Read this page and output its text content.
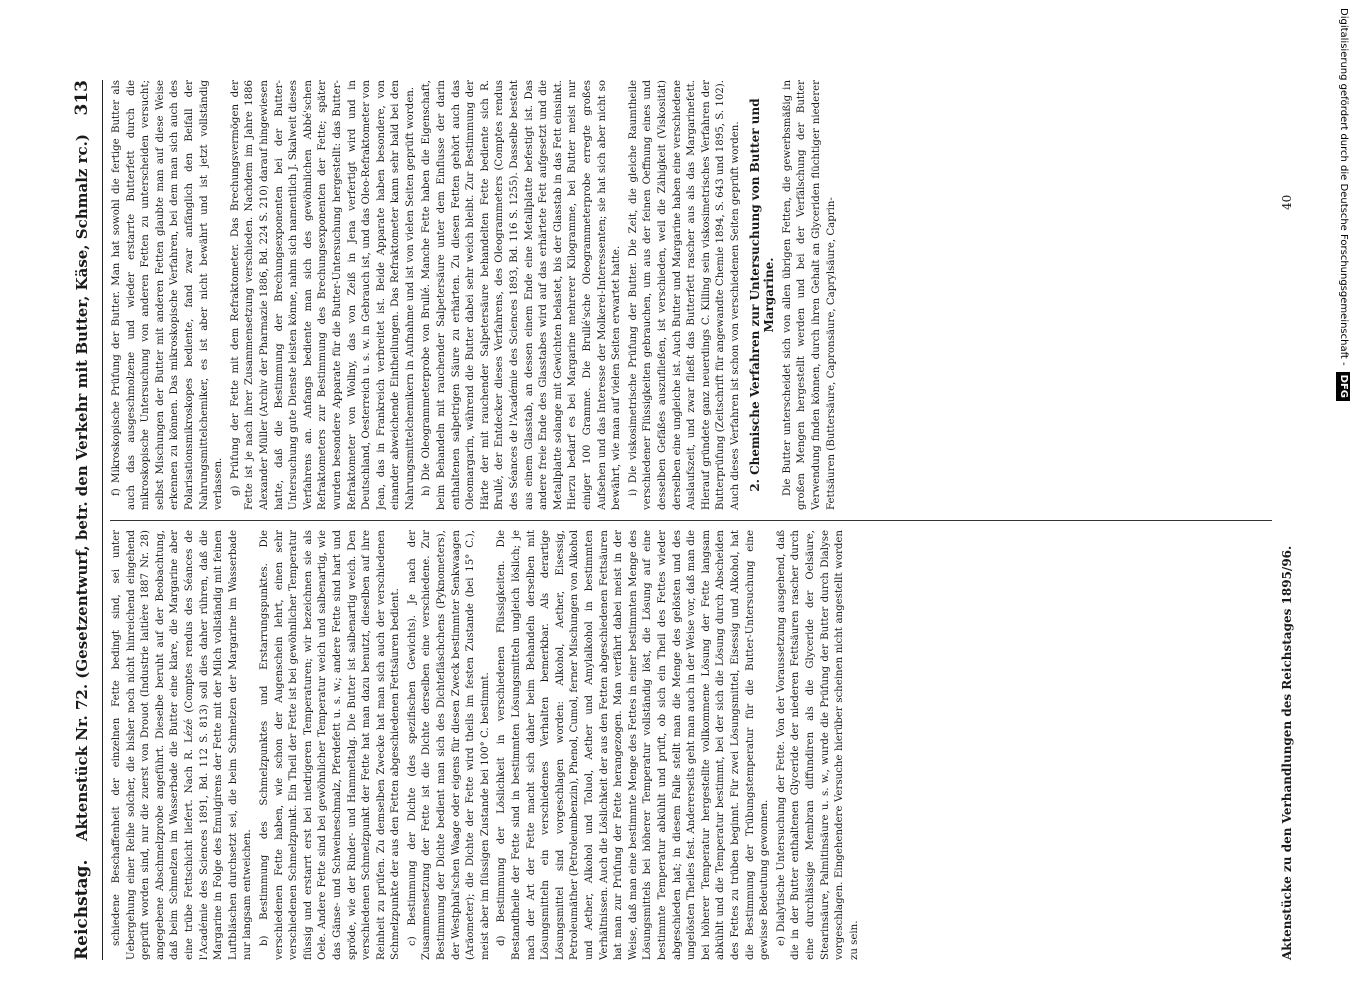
Reichstag.
Aktenstück Nr. 72. (Gesetzentwurf, betr. den Verkehr mit Butter, Käse, Schmalz rc.)
313

schiedene Beschaffenheit der einzelnen Fette bedingt sind, sei unter Uebergehung einer Reihe solcher, die bisher noch nicht hinreichend eingehend geprüft worden sind, nur die zuerst von Drouot (Industrie laitière 1887 Nr. 28) angegebene Abschmelzprobe angeführt. Dieselbe beruht auf der Beobachtung, daß beim Schmelzen im Wasserbade die Butter eine klare, die Margarine aber eine trübe Fettschicht liefert. Nach R. Lézé (Comptes rendus des Séances de l'Académie des Sciences 1891, Bd. 112 S. 813) soll dies daher rühren, daß die Margarine in Folge des Emulgirens der Fette mit der Milch vollständig mit feinen Luftbläschen durchsetzt sei, die beim Schmelzen der Margarine im Wasserbade nur langsam entweichen. b) Bestimmung des Schmelzpunktes und Erstarrungspunktes. Die verschiedenen Fette haben, wie schon der Augenschein lehrt, einen sehr verschiedenen Schmelzpunkt. Ein Theil der Fette ist bei gewöhnlicher Temperatur flüssig und erstarrt erst bei niedrigeren Temperaturen; wir bezeichnen sie als Oele. Andere Fette sind bei gewöhnlicher Temperatur weich und salbenartig, wie das Gänse- und Schweineschmalz, Pferdefett u. s. w.; andere Fette sind hart und spröde, wie der Rinder- und Hammeltalg. Die Butter ist salbenartig weich. Den verschiedenen Schmelzpunkt der Fette hat man dazu benutzt, dieselben auf ihre Reinheit zu prüfen. Zu demselben Zwecke hat man sich auch der verschiedenen Schmelzpunkte der aus den Fetten abgeschiedenen Fettsäuren bedient. c) Bestimmung der Dichte (des spezifischen Gewichts). Je nach der Zusammensetzung der Fette ist die Dichte derselben eine verschiedene. Zur Bestimmung der Dichte bedient man sich des Dichtefläschchens (Pyknometers), der Westphal'schen Waage oder eigens für diesen Zweck bestimmter Senkwaagen (Aräometer); die Dichte der Fette wird theils im festen Zustande (bei 15° C.), meist aber im flüssigen Zustande bei 100° C. bestimmt. d) Bestimmung der Löslichkeit in verschiedenen Flüssigkeiten. Die Bestandtheile der Fette sind in bestimmten Lösungsmitteln ungleich löslich; je nach der Art der Fette macht sich daher beim Behandeln derselben mit Lösungsmitteln ein verschiedenes Verhalten bemerkbar. Als derartige Lösungsmittel sind vorgeschlagen worden: Alkohol, Aether, Eisessig, Petroleumäther (Petroleumbenzin), Phenol, Cumol, ferner Mischungen von Alkohol und Aether, Alkohol und Toluol, Aether und Amylalkohol in bestimmten Verhältnissen. Auch die Löslichkeit der aus den Fetten abgeschiedenen Fettsäuren hat man zur Prüfung der Fette herangezogen. Man verfährt dabei meist in der Weise, daß man eine bestimmte Menge des Fettes in einer bestimmten Menge des Lösungsmittels bei höherer Temperatur vollständig löst, die Lösung auf eine bestimmte Temperatur abkühlt und prüft, ob sich ein Theil des Fettes wieder abgeschieden hat; in diesem Falle stellt man die Menge des gelösten und des ungelösten Theiles fest. Andererseits geht man auch in der Weise vor, daß man die bei höherer Temperatur hergestellte vollkommene Lösung der Fette langsam abkühlt und die Temperatur bestimmt, bei der sich die Lösung durch Abscheiden des Fettes zu trüben beginnt. Für zwei Lösungsmittel, Eisessig und Alkohol, hat die Bestimmung der Trübungstemperatur für die Butter-Untersuchung eine gewisse Bedeutung gewonnen. e) Dialytische Untersuchung der Fette. Von der Voraussetzung ausgehend, daß die in der Butter enthaltenen Glyceride der niederen Fettsäuren rascher durch eine durchlässige Membran diffundiren als die Glyceride der Oelsäure, Stearinsäure, Palmitinsäure u. s. w., wurde die Prüfung der Butter durch Dialyse vorgeschlagen. Eingehendere Versuche hierüber scheinen nicht angestellt worden zu sein.

f) Mikroskopische Prüfung der Butter. Man hat sowohl die fertige Butter als auch das ausgeschmolzene und wieder erstarrte Butterfett durch die mikroskopische Untersuchung von anderen Fetten zu unterscheiden versucht; selbst Mischungen der Butter mit anderen Fetten glaubte man auf diese Weise erkennen zu können. Das mikroskopische Verfahren, bei dem man sich auch des Polarisationsmikroskopes bediente, fand zwar anfänglich den Beifall der Nahrungsmittelchemiker, es ist aber nicht bewährt und ist jetzt vollständig verlassen. g) Prüfung der Fette mit dem Refraktometer. Das Brechungsvermögen der Fette ist je nach ihrer Zusammensetzung verschieden. Nachdem im Jahre 1886 Alexander Müller (Archiv der Pharmazie 1886, Bd. 224 S. 210) darauf hingewiesen hatte, daß die Bestimmung der Brechungsexponenten bei der Butter-Untersuchung gute Dienste leisten könne, nahm sich namentlich J. Skalweit dieses Verfahrens an. Anfangs bediente man sich des gewöhnlichen Abbé'schen Refraktometers zur Bestimmung des Brechungsexponenten der Fette; später wurden besondere Apparate für die Butter-Untersuchung hergestellt: das Butter-Refraktometer von Wollny, das von Zeiß in Jena verfertigt wird und in Deutschland, Oesterreich u. s. w. in Gebrauch ist, und das Oleo-Refraktometer von Jean, das in Frankreich verbreitet ist. Beide Apparate haben besondere, von einander abweichende Eintheilungen. Das Refraktometer kann sehr bald bei den Nahrungsmittelchemikern in Aufnahme und ist von vielen Seiten geprüft worden. h) Die Oleogrammeterprobe von Brullé. Manche Fette haben die Eigenschaft, beim Behandeln mit rauchender Salpetersäure unter dem Einflusse der darin enthaltenen salpetrigen Säure zu erhärten. Zu diesen Fetten gehört auch das Oleomargarin, während die Butter dabei sehr weich bleibt. Zur Bestimmung der Härte der mit rauchender Salpetersäure behandelten Fette bediente sich R. Brullé, der Entdecker dieses Verfahrens, des Oleogrammeters (Comptes rendus des Séances de l'Académie des Sciences 1893, Bd. 116 S. 1255). Dasselbe besteht aus einem Glasstab, an dessen einem Ende eine Metallplatte befestigt ist. Das andere freie Ende des Glasstabes wird auf das erhärtete Fett aufgesetzt und die Metallplatte solange mit Gewichten belastet, bis der Glasstab in das Fett einsinkt. Hierzu bedarf es bei Margarine mehrerer Kilogramme, bei Butter meist nur einiger 100 Gramme. Die Brullé'sche Oleogrammeterprobe erregte großes Aufsehen und das Interesse der Molkerei-Interessenten; sie hat sich aber nicht so bewährt, wie man auf vielen Seiten erwartet hatte. i) Die viskosimetrische Prüfung der Butter. Die Zeit, die gleiche Raumtheile verschiedener Flüssigkeiten gebrauchen, um aus der feinen Oeffnung eines und desselben Gefäßes auszufließen, ist verschieden, weil die Zähigkeit (Viskosität) derselben eine ungleiche ist. Auch Butter und Margarine haben eine verschiedene Auslaufszeit, und zwar fließt das Butterfett rascher aus als das Margarinefett. Hierauf gründete ganz neuerdings C. Killing sein viskosimetrisches Verfahren der Butterprüfung (Zeitschrift für angewandte Chemie 1894, S. 643 und 1895, S. 102). Auch dieses Verfahren ist schon von verschiedenen Seiten geprüft worden. 2. Chemische Verfahren zur Untersuchung von Butter und Margarine. Die Butter unterscheidet sich von allen übrigen Fetten, die gewerbsmäßig in großen Mengen hergestellt werden und bei der Verfälschung der Butter Verwendung finden können, durch ihren Gehalt an Glyceriden flüchtiger niederer Fettsäuren (Buttersäure, Capronsäure, Caprylsäure, Caprin-

Aktenstücke zu den Verhandlungen des Reichstages 1895/96.
40	Digitalisierung gefördert durch die Deutsche Forschungsgemeinschaft -DFG
